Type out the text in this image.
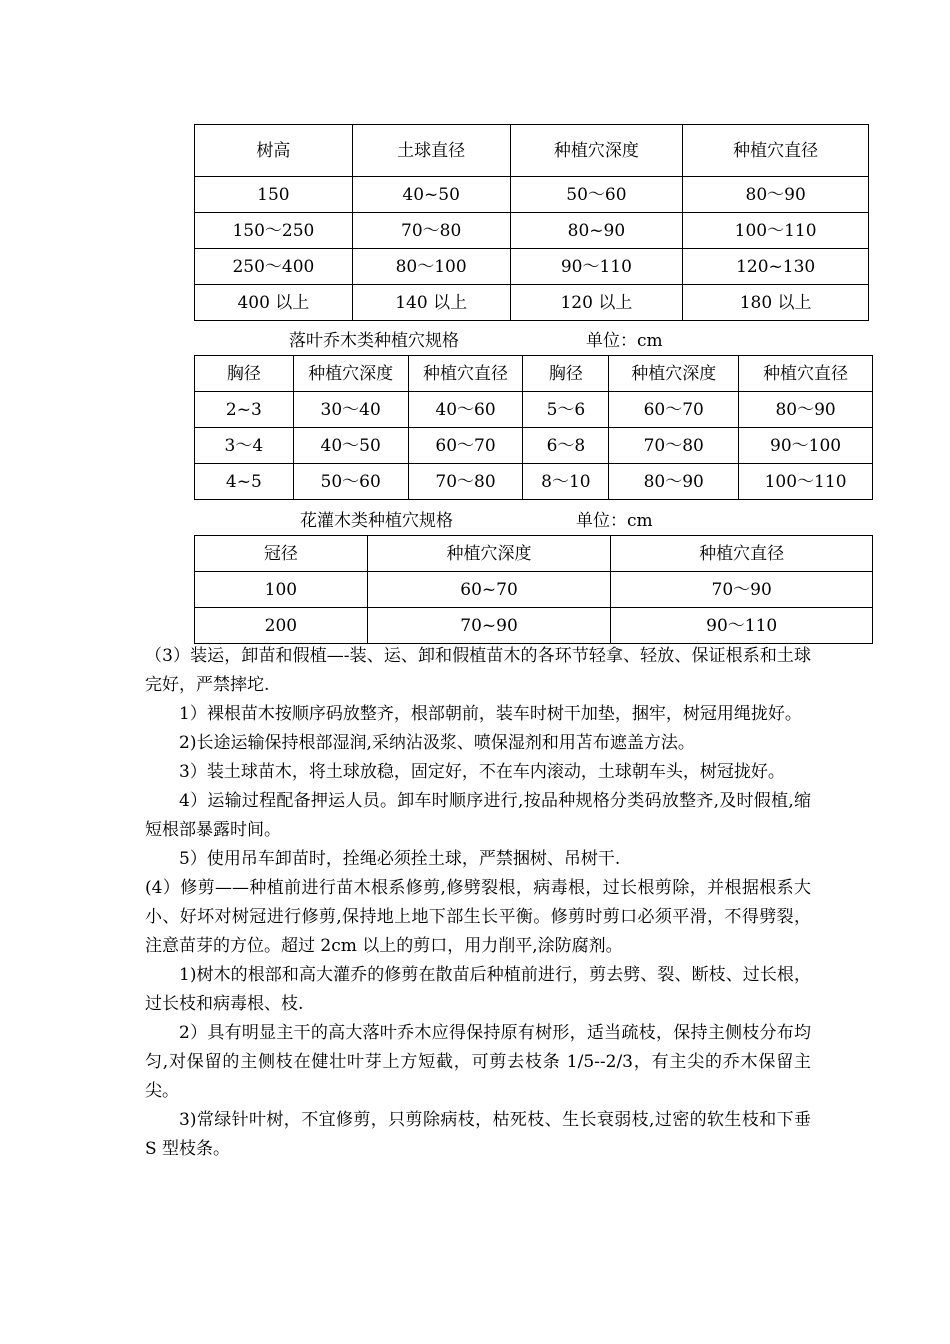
树高	土球直径	种植穴深度	种植穴直径
150	40~50	50～60	80～90
150～250	70～80	80~90	100～110
250～400	80～100	90～110	120~130
400 以上	140 以上	120 以上	180 以上
落叶乔木类种植穴规格	单位：cm
胸径	种植穴深度	种植穴直径	胸径	种植穴深度	种植穴直径
2~3	30～40	40～60	5～6	60～70	80～90
3～4	40～50	60～70	6～8	70～80	90～100
4~5	50～60	70～80	8～10	80～90	100～110
花灌木类种植穴规格	单位：cm
冠径	种植穴深度	种植穴直径
100	60~70	70～90
200	70~90	90～110

（3）装运，卸苗和假植—-装、运、卸和假植苗木的各环节轻拿、轻放、保证根系和土球完好，严禁摔坨.

1）裸根苗木按顺序码放整齐，根部朝前，装车时树干加垫，捆牢，树冠用绳拢好。

2)长途运输保持根部湿润,采纳沾汲浆、喷保湿剂和用苫布遮盖方法。

3）装土球苗木，将土球放稳，固定好，不在车内滚动，土球朝车头，树冠拢好。

4）运输过程配备押运人员。卸车时顺序进行,按品种规格分类码放整齐,及时假植,缩短根部暴露时间。

5）使用吊车卸苗时，拴绳必须拴土球，严禁捆树、吊树干.

(4）修剪——种植前进行苗木根系修剪,修劈裂根，病毒根，过长根剪除，并根据根系大小、好坏对树冠进行修剪,保持地上地下部生长平衡。修剪时剪口必须平滑，不得劈裂，注意苗芽的方位。超过 2cm 以上的剪口，用力削平,涂防腐剂。

1)树木的根部和高大灌乔的修剪在散苗后种植前进行，剪去劈、裂、断枝、过长根，过长枝和病毒根、枝.

2）具有明显主干的高大落叶乔木应得保持原有树形，适当疏枝，保持主侧枝分布均匀,对保留的主侧枝在健壮叶芽上方短截，可剪去枝条 1/5--2/3，有主尖的乔木保留主尖。

3)常绿针叶树，不宜修剪，只剪除病枝，枯死枝、生长衰弱枝,过密的软生枝和下垂 S 型枝条。
